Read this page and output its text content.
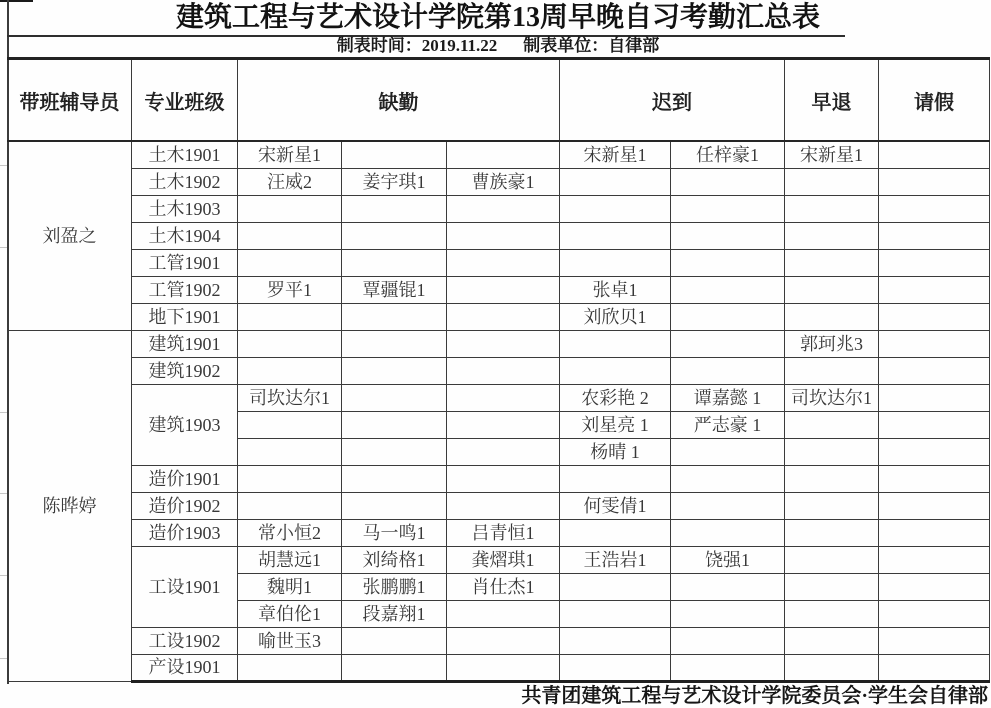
建筑工程与艺术设计学院第13周早晚自习考勤汇总表
制表时间：2019.11.22 制表单位：自律部
带班辅导员	专业班级	缺勤			迟到		早退	请假
刘盈之	土木1901	宋新星1			宋新星1	任梓豪1	宋新星1	
	土木1902	汪威2	姜宇琪1	曹族豪1				
	土木1903							
	土木1904							
	工管1901							
	工管1902	罗平1	覃疆锟1		张卓1			
	地下1901				刘欣贝1			
陈晔婷	建筑1901						郭珂兆3	
	建筑1902							
	建筑1903	司坎达尔1			农彩艳 2	谭嘉懿 1	司坎达尔1	
					刘星亮 1	严志豪 1		
					杨晴 1			
	造价1901							
	造价1902				何雯倩1			
	造价1903	常小恒2	马一鸣1	吕青恒1				
	工设1901	胡慧远1	刘绮格1	龚熠琪1	王浩岩1	饶强1		
		魏明1	张鹏鹏1	肖仕杰1				
		章伯伦1	段嘉翔1					
	工设1902	喻世玉3						
	产设1901							
共青团建筑工程与艺术设计学院委员会·学生会自律部
